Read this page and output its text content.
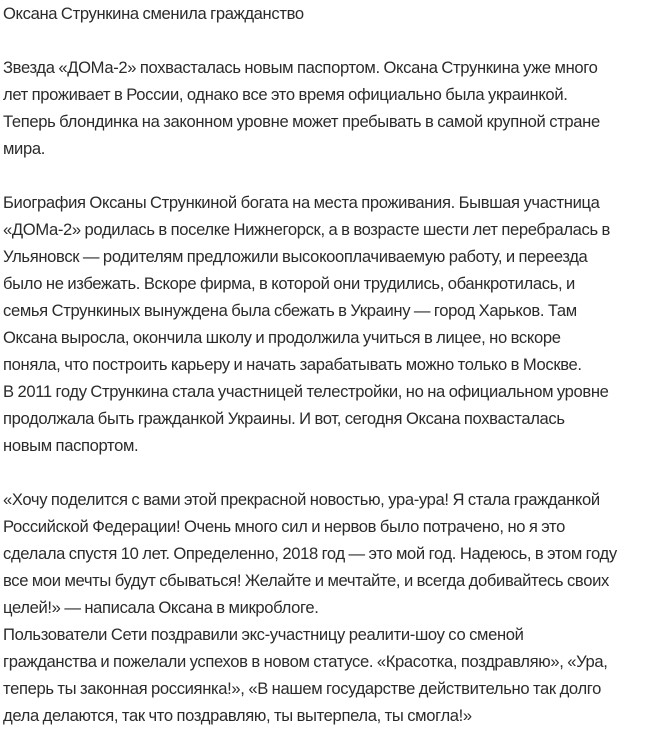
Оксана Стрункина сменила гражданство

Звезда «ДОМа-2» похвасталась новым паспортом. Оксана Стрункина уже много
лет проживает в России, однако все это время официально была украинкой.
Теперь блондинка на законном уровне может пребывать в самой крупной стране
мира.

Биография Оксаны Стрункиной богата на места проживания. Бывшая участница
«ДОМа-2» родилась в поселке Нижнегорск, а в возрасте шести лет перебралась в
Ульяновск — родителям предложили высокооплачиваемую работу, и переезда
было не избежать. Вскоре фирма, в которой они трудились, обанкротилась, и
семья Стрункиных вынуждена была сбежать в Украину — город Харьков. Там
Оксана выросла, окончила школу и продолжила учиться в лицее, но вскоре
поняла, что построить карьеру и начать зарабатывать можно только в Москве.
В 2011 году Стрункина стала участницей телестройки, но на официальном уровне
продолжала быть гражданкой Украины. И вот, сегодня Оксана похвасталась
новым паспортом.

«Хочу поделится с вами этой прекрасной новостью, ура-ура! Я стала гражданкой
Российской Федерации! Очень много сил и нервов было потрачено, но я это
сделала спустя 10 лет. Определенно, 2018 год — это мой год. Надеюсь, в этом году
все мои мечты будут сбываться! Желайте и мечтайте, и всегда добивайтесь своих
целей!» — написала Оксана в микроблоге.
Пользователи Сети поздравили экс-участницу реалити-шоу со сменой
гражданства и пожелали успехов в новом статусе. «Красотка, поздравляю», «Ура,
теперь ты законная россиянка!», «В нашем государстве действительно так долго
дела делаются, так что поздравляю, ты вытерпела, ты смогла!»
